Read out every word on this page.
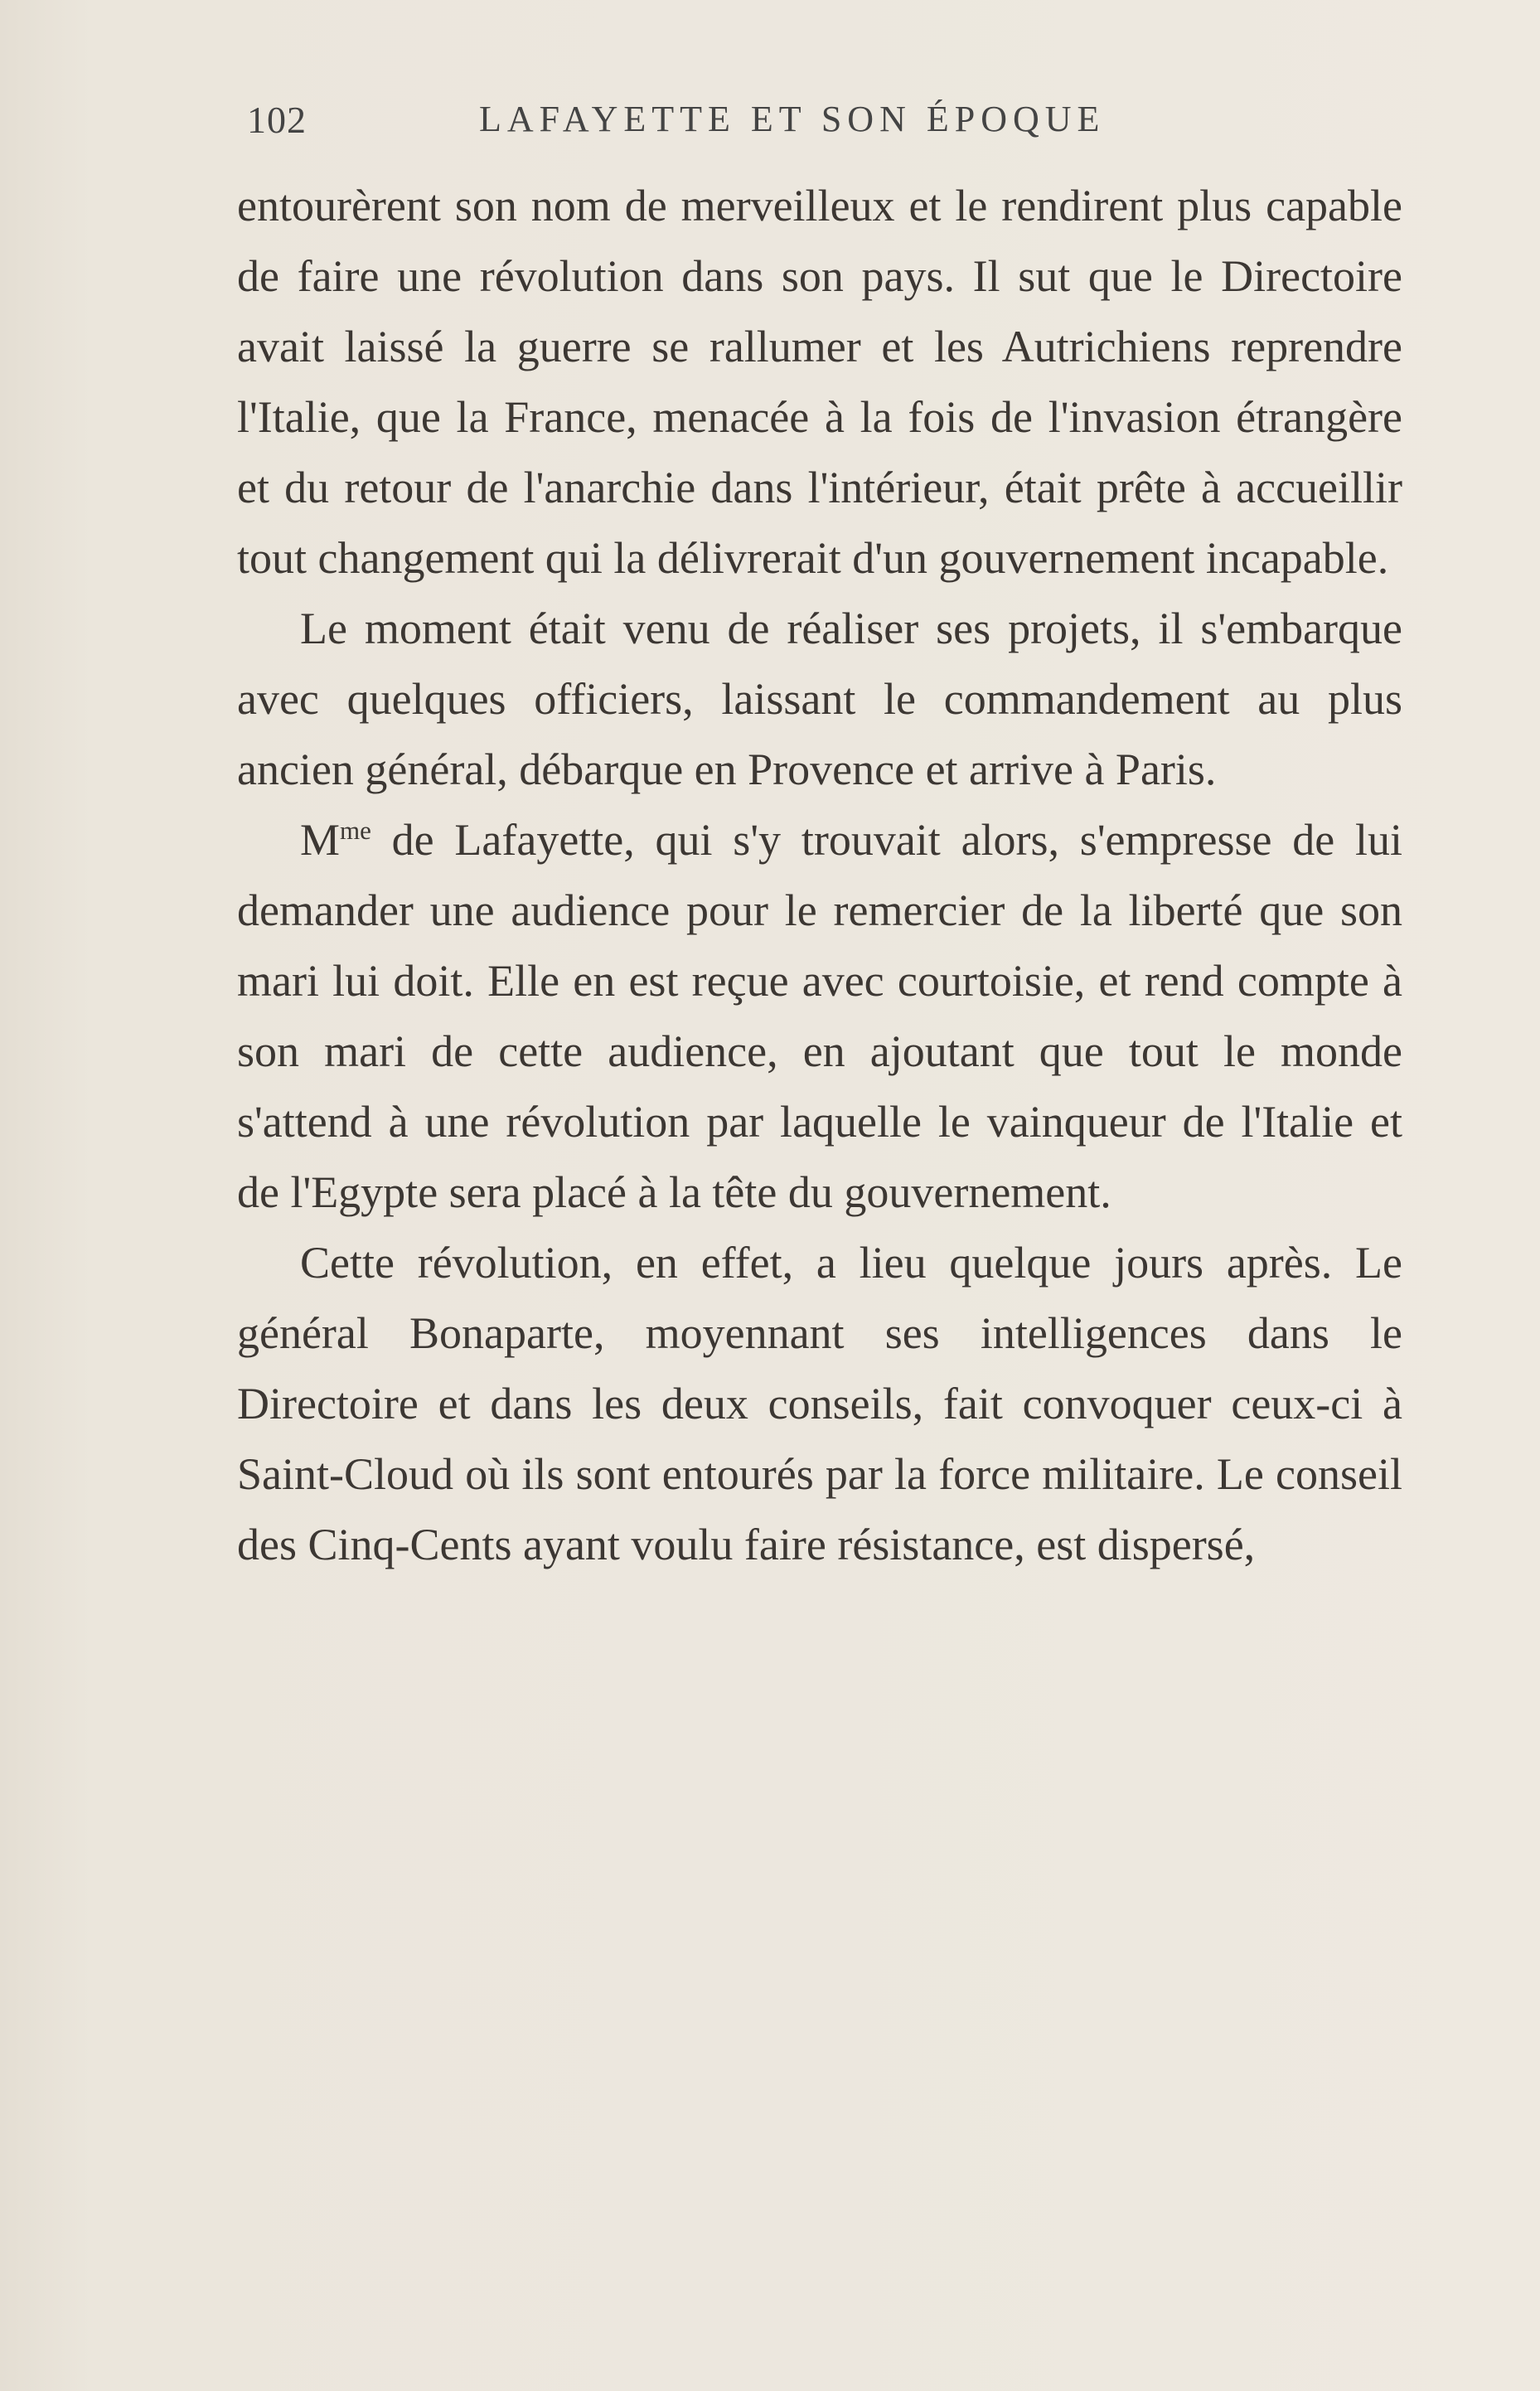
102	LAFAYETTE ET SON ÉPOQUE

entourèrent son nom de merveilleux et le rendirent plus capable de faire une révolution dans son pays. Il sut que le Directoire avait laissé la guerre se rallumer et les Autrichiens reprendre l'Italie, que la France, menacée à la fois de l'invasion étrangère et du retour de l'anarchie dans l'intérieur, était prête à accueillir tout changement qui la délivrerait d'un gouvernement incapable.

Le moment était venu de réaliser ses projets, il s'embarque avec quelques officiers, laissant le commandement au plus ancien général, débarque en Provence et arrive à Paris.

$M^{me}$ de Lafayette, qui s'y trouvait alors, s'empresse de lui demander une audience pour le remercier de la liberté que son mari lui doit. Elle en est reçue avec courtoisie, et rend compte à son mari de cette audience, en ajoutant que tout le monde s'attend à une révolution par laquelle le vainqueur de l'Italie et de l'Egypte sera placé à la tête du gouvernement.

Cette révolution, en effet, a lieu quelque jours après. Le général Bonaparte, moyennant ses intelligences dans le Directoire et dans les deux conseils, fait convoquer ceux-ci à Saint-Cloud où ils sont entourés par la force militaire. Le conseil des Cinq-Cents ayant voulu faire résistance, est dispersé,
